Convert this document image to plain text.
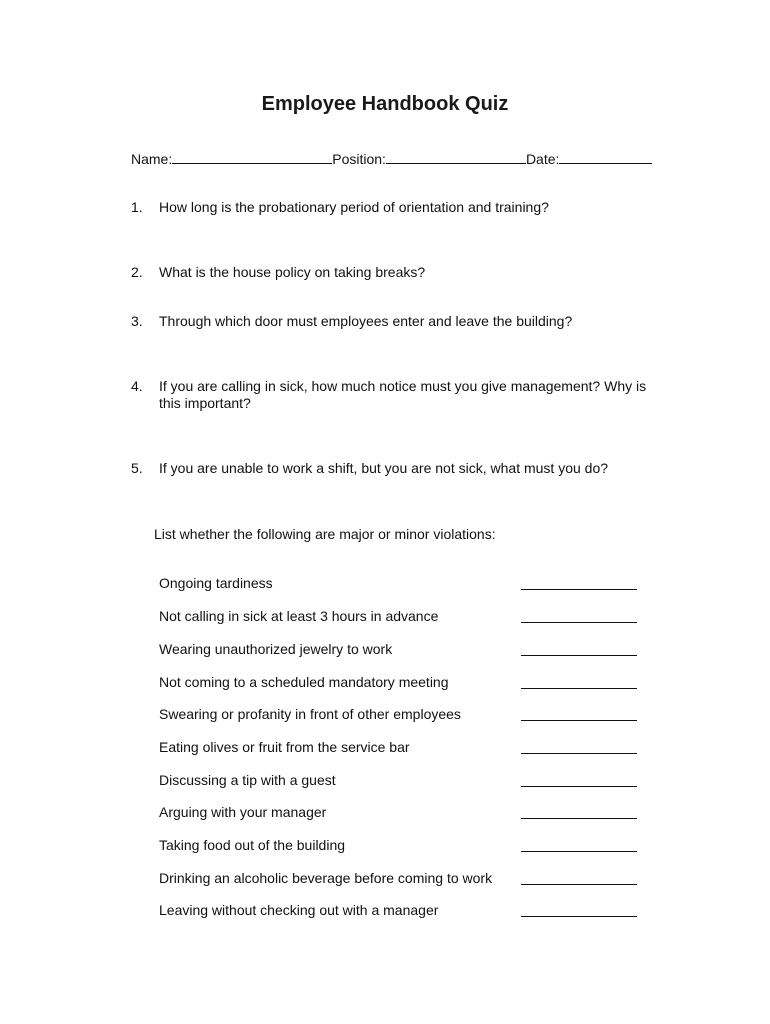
Employee Handbook Quiz
Name:	Position:	Date:
1. How long is the probationary period of orientation and training?
2. What is the house policy on taking breaks?
3. Through which door must employees enter and leave the building?
4. If you are calling in sick, how much notice must you give management? Why is this important?
5. If you are unable to work a shift, but you are not sick, what must you do?
List whether the following are major or minor violations:
Ongoing tardiness
Not calling in sick at least 3 hours in advance
Wearing unauthorized jewelry to work
Not coming to a scheduled mandatory meeting
Swearing or profanity in front of other employees
Eating olives or fruit from the service bar
Discussing a tip with a guest
Arguing with your manager
Taking food out of the building
Drinking an alcoholic beverage before coming to work
Leaving without checking out with a manager
